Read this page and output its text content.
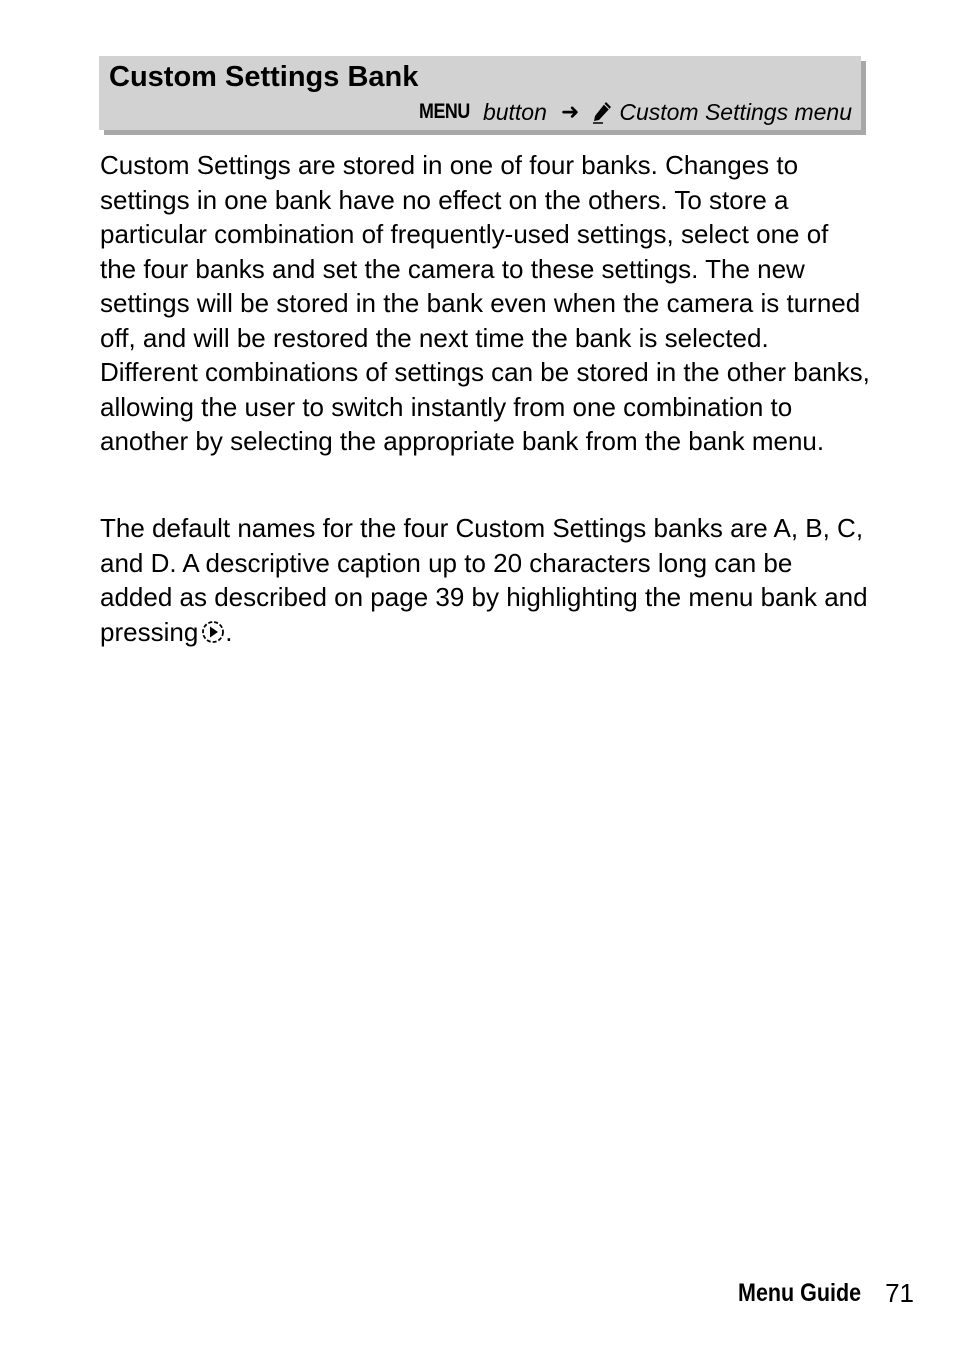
Custom Settings Bank
MENU button ➜ Custom Settings menu

Custom Settings are stored in one of four banks. Changes to settings in one bank have no effect on the others. To store a particular combination of frequently-used settings, select one of the four banks and set the camera to these settings. The new settings will be stored in the bank even when the camera is turned off, and will be restored the next time the bank is selected. Different combinations of settings can be stored in the other banks, allowing the user to switch instantly from one combination to another by selecting the appropriate bank from the bank menu.

The default names for the four Custom Settings banks are A, B, C, and D. A descriptive caption up to 20 characters long can be added as described on page 39 by highlighting the menu bank and pressing .

Menu Guide 71
